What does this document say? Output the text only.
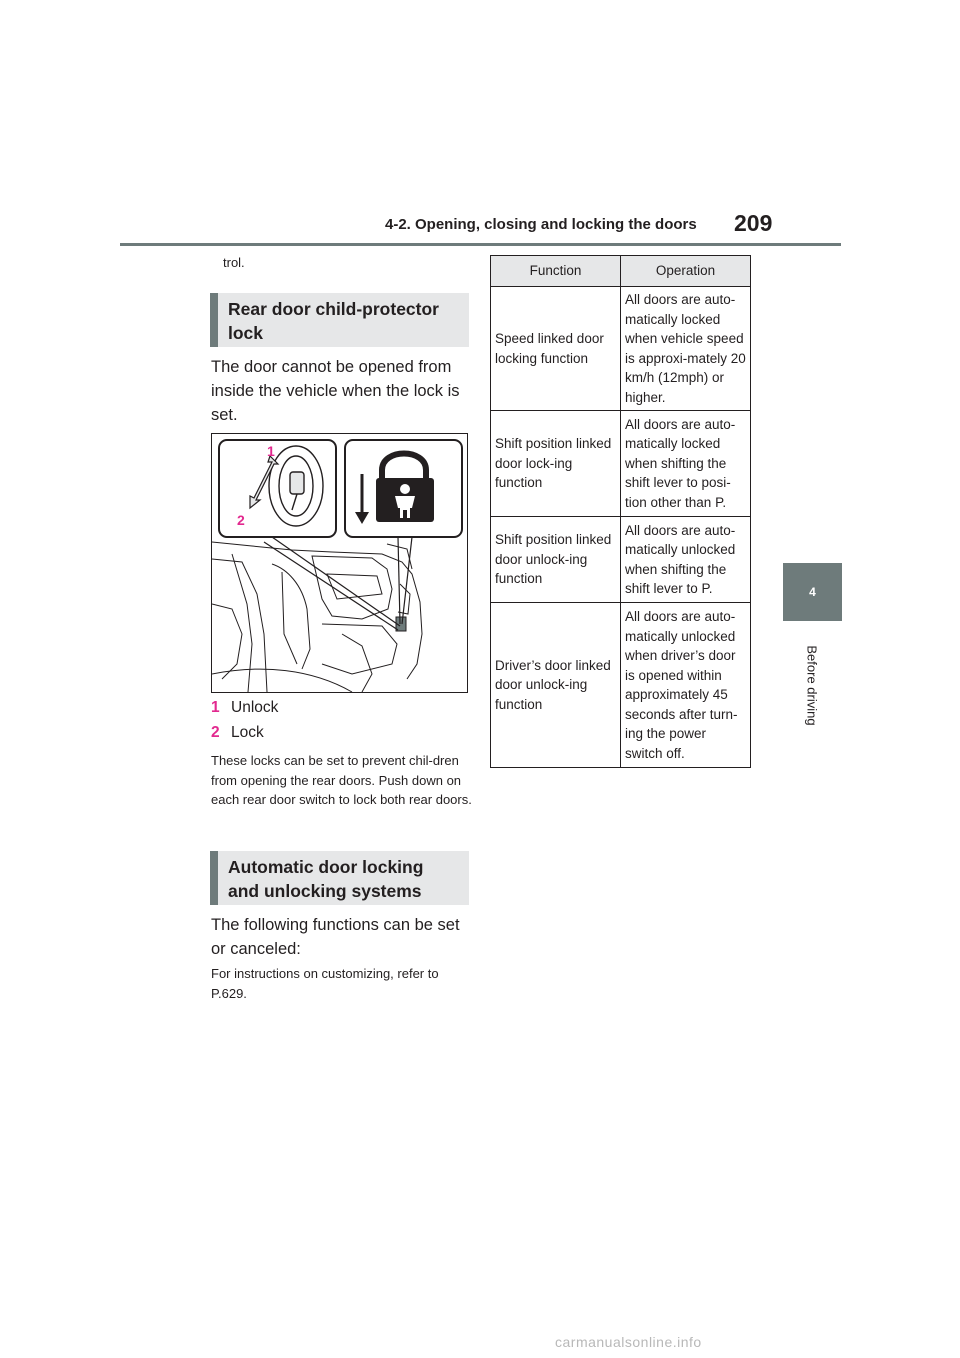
4-2. Opening, closing and locking the doors 209
4
Before driving
trol.
Rear door child-protector lock
The door cannot be opened from inside the vehicle when the lock is set.
1
2
1 Unlock
2 Lock
These locks can be set to prevent chil-dren from opening the rear doors. Push down on each rear door switch to lock both rear doors.
Automatic door locking and unlocking systems
The following functions can be set or canceled:
For instructions on customizing, refer to P.629.
Function	Operation
Speed linked door locking function	All doors are auto-matically locked when vehicle speed is approxi-mately 20 km/h (12mph) or higher.
Shift position linked door lock-ing function	All doors are auto-matically locked when shifting the shift lever to posi-tion other than P.
Shift position linked door unlock-ing function	All doors are auto-matically unlocked when shifting the shift lever to P.
Driver’s door linked door unlock-ing function	All doors are auto-matically unlocked when driver’s door is opened within approximately 45 seconds after turn-ing the power switch off.
carmanualsonline.info
